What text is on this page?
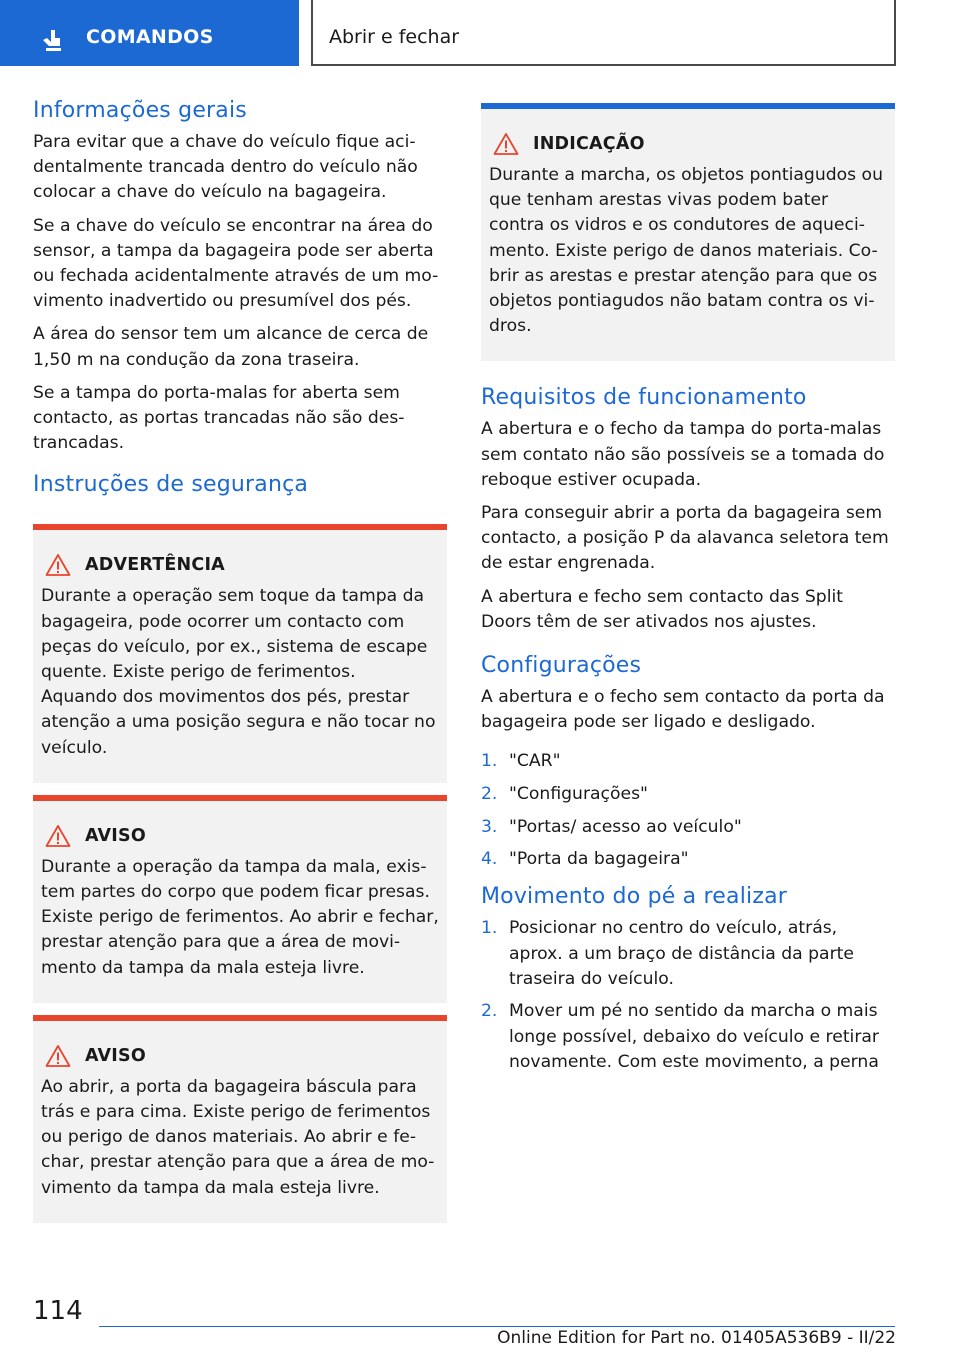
COMANDOS	Abrir e fechar
Informações gerais

Para evitar que a chave do veículo fique aci-dentalmente trancada dentro do veículo não colocar a chave do veículo na bagageira.

Se a chave do veículo se encontrar na área do sensor, a tampa da bagageira pode ser aberta ou fechada acidentalmente através de um mo-vimento inadvertido ou presumível dos pés.

A área do sensor tem um alcance de cerca de 1,50 m na condução da zona traseira.

Se a tampa do porta-malas for aberta sem contacto, as portas trancadas não são des-trancadas.

Instruções de segurança
ADVERTÊNCIA

Durante a operação sem toque da tampa da bagageira, pode ocorrer um contacto com peças do veículo, por ex., sistema de escape quente. Existe perigo de ferimentos.

Aquando dos movimentos dos pés, prestar atenção a uma posição segura e não tocar no veículo.

AVISO

Durante a operação da tampa da mala, exis-tem partes do corpo que podem ficar presas. Existe perigo de ferimentos. Ao abrir e fechar, prestar atenção para que a área de movi-mento da tampa da mala esteja livre.

AVISO

Ao abrir, a porta da bagageira báscula para trás e para cima. Existe perigo de ferimentos ou perigo de danos materiais. Ao abrir e fe-char, prestar atenção para que a área de mo-vimento da tampa da mala esteja livre.

INDICAÇÃO

Durante a marcha, os objetos pontiagudos ou que tenham arestas vivas podem bater contra os vidros e os condutores de aqueci-mento. Existe perigo de danos materiais. Co-brir as arestas e prestar atenção para que os objetos pontiagudos não batam contra os vi-dros.

Requisitos de funcionamento

A abertura e o fecho da tampa do porta-malas sem contato não são possíveis se a tomada do reboque estiver ocupada.

Para conseguir abrir a porta da bagageira sem contacto, a posição P da alavanca seletora tem de estar engrenada.

A abertura e fecho sem contacto das Split Doors têm de ser ativados nos ajustes.

Configurações

A abertura e o fecho sem contacto da porta da bagageira pode ser ligado e desligado.

1. "CAR"
2. "Configurações"
3. "Portas/ acesso ao veículo"
4. "Porta da bagageira"
Movimento do pé a realizar
1. Posicionar no centro do veículo, atrás, aprox. a um braço de distância da parte traseira do veículo.
2. Mover um pé no sentido da marcha o mais longe possível, debaixo do veículo e retirar novamente. Com este movimento, a perna
114
Online Edition for Part no. 01405A536B9 - II/22
